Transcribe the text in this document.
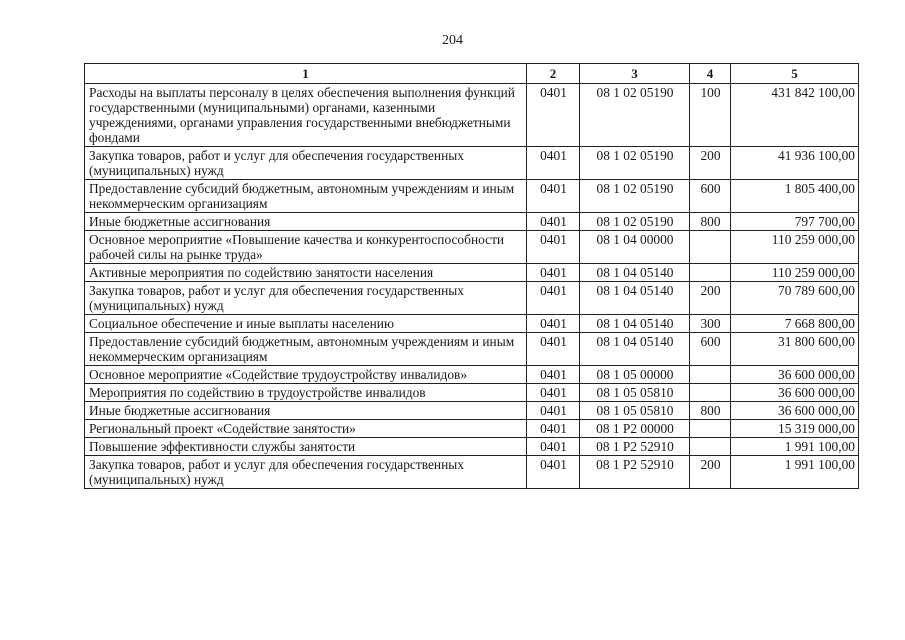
204
1	2	3	4	5
Расходы на выплаты персоналу в целях обеспечения выполнения функций государственными (муниципальными) органами, казенными учреждениями, органами управления государственными внебюджетными фондами	0401	08 1 02 05190	100	431 842 100,00
Закупка товаров, работ и услуг для обеспечения государственных (муниципальных) нужд	0401	08 1 02 05190	200	41 936 100,00
Предоставление субсидий бюджетным, автономным учреждениям и иным некоммерческим организациям	0401	08 1 02 05190	600	1 805 400,00
Иные бюджетные ассигнования	0401	08 1 02 05190	800	797 700,00
Основное мероприятие «Повышение качества и конкурентоспособности рабочей силы на рынке труда»	0401	08 1 04 00000		110 259 000,00
Активные мероприятия по содействию занятости населения	0401	08 1 04 05140		110 259 000,00
Закупка товаров, работ и услуг для обеспечения государственных (муниципальных) нужд	0401	08 1 04 05140	200	70 789 600,00
Социальное обеспечение и иные выплаты населению	0401	08 1 04 05140	300	7 668 800,00
Предоставление субсидий бюджетным, автономным учреждениям и иным некоммерческим организациям	0401	08 1 04 05140	600	31 800 600,00
Основное мероприятие «Содействие трудоустройству инвалидов»	0401	08 1 05 00000		36 600 000,00
Мероприятия по содействию в трудоустройстве инвалидов	0401	08 1 05 05810		36 600 000,00
Иные бюджетные ассигнования	0401	08 1 05 05810	800	36 600 000,00
Региональный проект «Содействие занятости»	0401	08 1 P2 00000		15 319 000,00
Повышение эффективности службы занятости	0401	08 1 P2 52910		1 991 100,00
Закупка товаров, работ и услуг для обеспечения государственных (муниципальных) нужд	0401	08 1 P2 52910	200	1 991 100,00
